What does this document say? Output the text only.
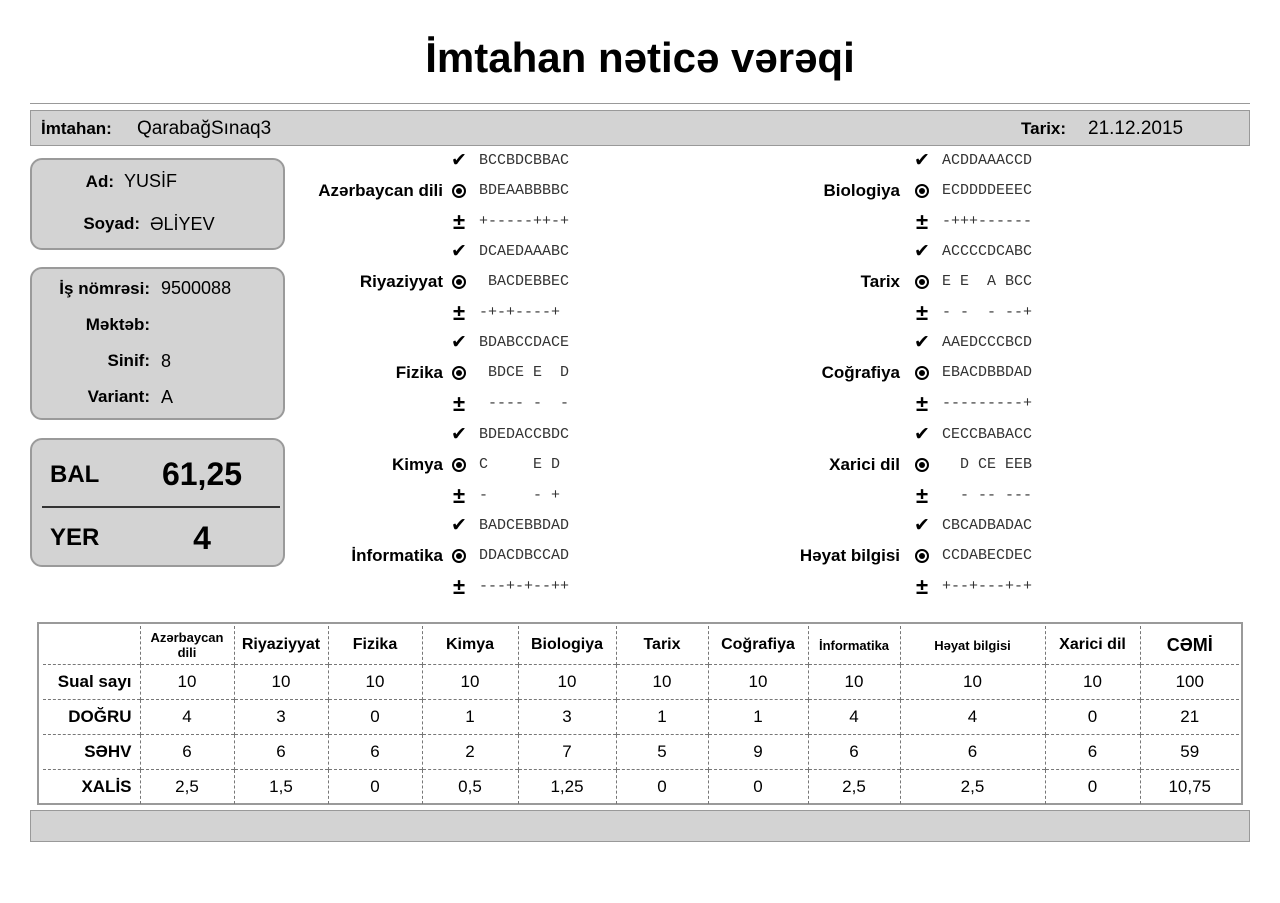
İmtahan nəticə vərəqi
İmtahan: QarabağSınaq3	Tarix: 21.12.2015
Ad: YUSİF
Soyad: ƏLİYEV
İş nömrəsi: 9500088
Məktəb:
Sinif: 8
Variant: A
BAL	61,25
YER	4
Azərbaycan dili
✔ BCCBDCBBAC
BDEAABBBBC
± +-----++-+
Riyaziyyat
✔ DCAEDAAABC
BACDEBBEC
± -+-+----+
Fizika
✔ BDABCCDACE
BDCE E  D
± ---- -  -
Kimya
✔ BDEDACCBDC
C     E D
± -     - +
İnformatika
✔ BADCEBBDAD
DDACDBCCAD
± ---+-+--++
Biologiya
✔ ACDDAAACCD
ECDDDDEEEC
± -+++------
Tarix
✔ ACCCCDCABC
E E  A BCC
± - -  - --+
Coğrafiya
✔ AAEDCCCBCD
EBACDBBDAD
± ---------+
Xarici dil
✔ CECCBABACC
D CE EEB
± - -- ---
Həyat bilgisi
✔ CBCADBADAC
CCDABECDEC
± +--+---+-+
	Azərbaycan dili	Riyaziyyat	Fizika	Kimya	Biologiya	Tarix	Coğrafiya	İnformatika	Həyat bilgisi	Xarici dil	CƏMİ
Sual sayı	10	10	10	10	10	10	10	10	10	10	100
DOĞRU	4	3	0	1	3	1	1	4	4	0	21
SƏHV	6	6	6	2	7	5	9	6	6	6	59
XALİS	2,5	1,5	0	0,5	1,25	0	0	2,5	2,5	0	10,75
